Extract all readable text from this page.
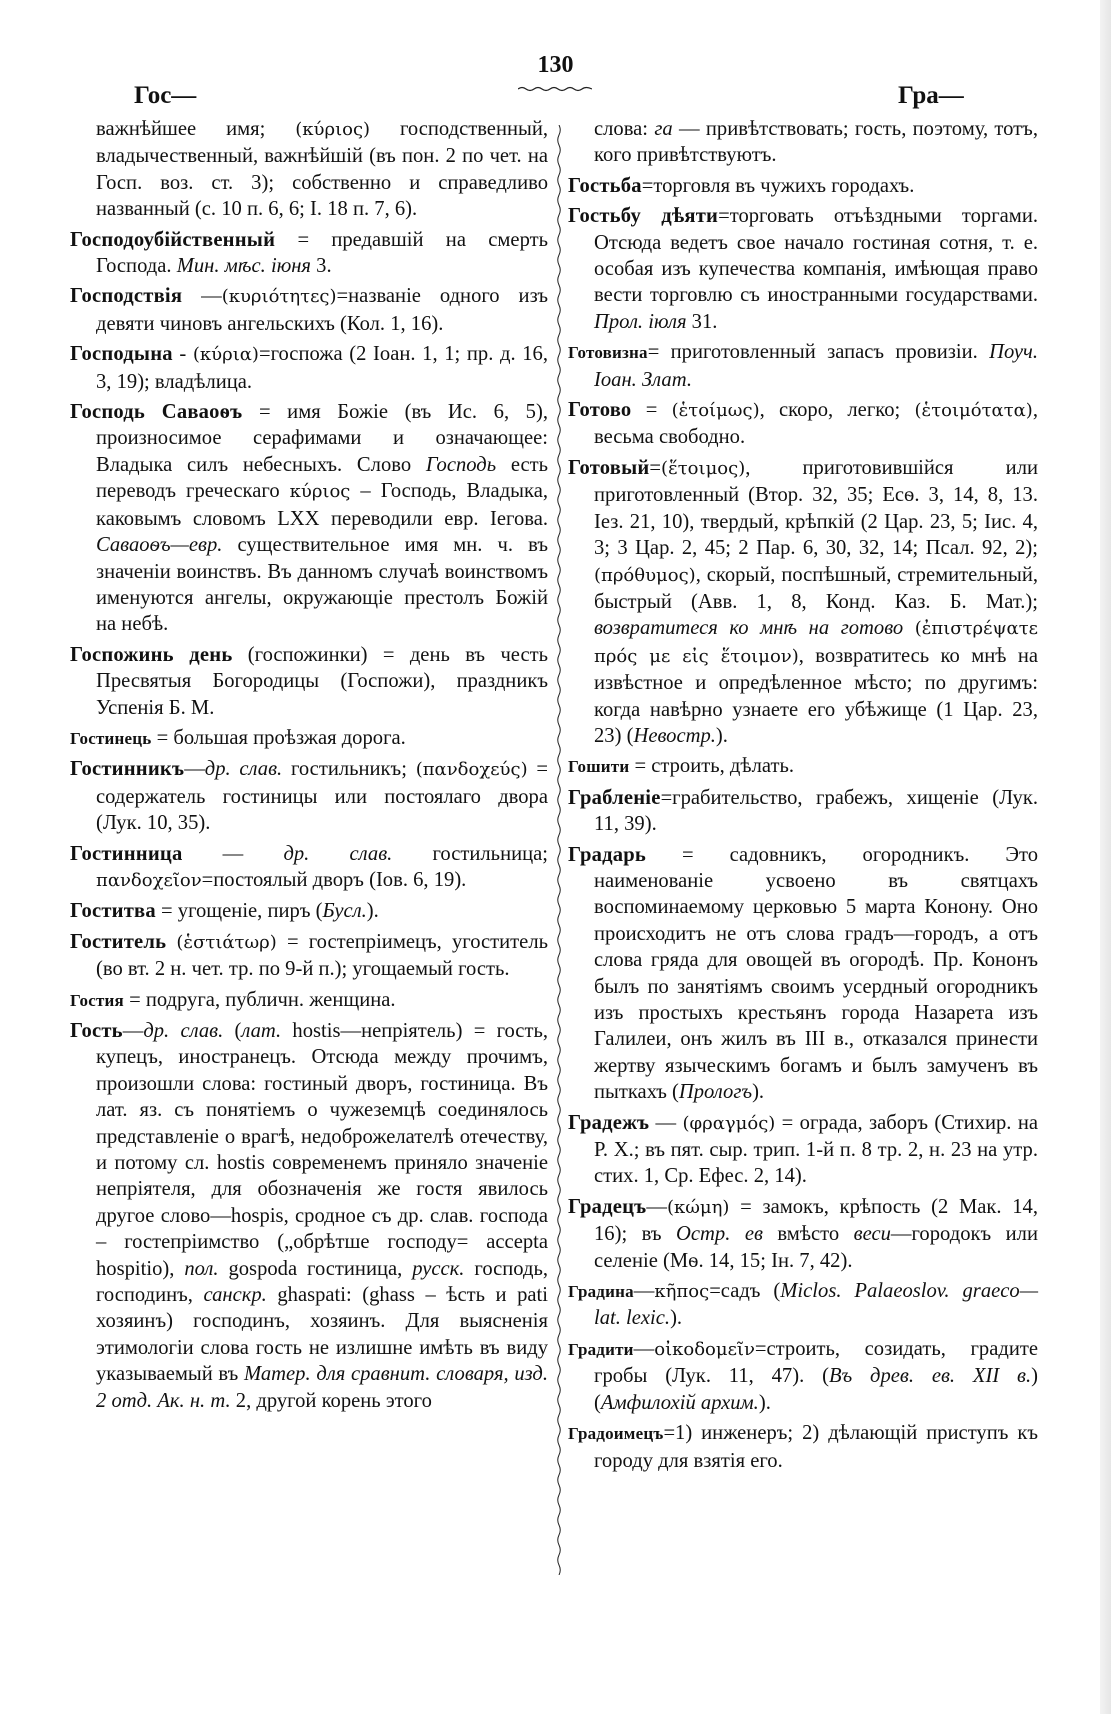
130
Гос—	Гра—

важнѣйшее имя; (κύριος) господственный, владычественный, важнѣйшій (въ пон. 2 по чет. на Госп. воз. ст. 3); собственно и справедливо названный (с. 10 п. 6, 6; I. 18 п. 7, 6).

Господоубійственный = предавшій на смерть Господа. Мин. мѣс. іюня 3.

Господствія —(κυριότητες)=названіе одного изъ девяти чиновъ ангельскихъ (Кол. 1, 16).

Господына - (κύρια)=госпожа (2 Іоан. 1, 1; пр. д. 16, 3, 19); владѣлица.

Господь Саваоѳъ = имя Божіе (въ Ис. 6, 5), произносимое серафимами и означающее: Владыка силъ небесныхъ. Слово Господь есть переводъ греческаго κύριος – Господь, Владыка, каковымъ словомъ LXX переводили евр. Іегова. Саваоѳъ—евр. существительное имя мн. ч. въ значеніи воинствъ. Въ данномъ случаѣ воинствомъ именуются ангелы, окружающіе престолъ Божій на небѣ.

Госпожинь день (госпожинки) = день въ честь Пресвятыя Богородицы (Госпожи), праздникъ Успенія Б. М.

Гостинець = большая проѣзжая дорога.

Гостинникъ—др. слав. гостильникъ; (πανδοχεύς) = содержатель гостиницы или постоялаго двора (Лук. 10, 35).

Гостинница — др. слав. гостильница; πανδοχεῖον=постоялый дворъ (Іов. 6, 19).

Гоститва = угощеніе, пиръ (Бусл.).

Гоститель (ἑστιάτωρ) = гостепріимецъ, угоститель (во вт. 2 н. чет. тр. по 9-й п.); угощаемый гость.

Гостия = подруга, публичн. женщина.

Гость—др. слав. (лат. hostis—непріятель) = гость, купецъ, иностранецъ. Отсюда между прочимъ, произошли слова: гостиный дворъ, гостиница. Въ лат. яз. съ понятіемъ о чужеземцѣ соединялось представленіе о врагѣ, недоброжелателѣ отечеству, и потому сл. hostis современемъ приняло значеніе непріятеля, для обозначенія же гостя явилось другое слово—hospis, сродное съ др. слав. господа – гостепріимство („обрѣтше господу= accepta hospitio), пол. gospoda гостиница, русск. господь, господинъ, санскр. ghaspati: (ghass – ѣсть и pati хозяинъ) господинъ, хозяинъ. Для выясненія этимологіи слова гость не излишне имѣть въ виду указываемый въ Матер. для сравнит. словаря, изд. 2 отд. Ак. н. т. 2, другой корень этого

слова: га — привѣтствовать; гость, поэтому, тотъ, кого привѣтствуютъ.

Гостьба=торговля въ чужихъ городахъ.

Гостьбу дѣяти=торговать отъѣздными торгами. Отсюда ведетъ свое начало гостиная сотня, т. е. особая изъ купечества компанія, имѣющая право вести торговлю съ иностранными государствами. Прол. іюля 31.

Готовизна= приготовленный запасъ провизіи. Поуч. Іоан. Злат.

Готово = (ἑτοίμως), скоро, легко; (ἑτοιμότατα), весьма свободно.

Готовый=(ἕτοιμος), приготовившійся или приготовленный (Втор. 32, 35; Есѳ. 3, 14, 8, 13. Іез. 21, 10), твердый, крѣпкій (2 Цар. 23, 5; Іис. 4, 3; 3 Цар. 2, 45; 2 Пар. 6, 30, 32, 14; Псал. 92, 2); (πρόθυμος), скорый, поспѣшный, стремительный, быстрый (Авв. 1, 8, Конд. Каз. Б. Мат.); возвратитеся ко мнѣ на готово (ἐπιστρέψατε πρός με εἰς ἕτοιμον), возвратитесь ко мнѣ на извѣстное и опредѣленное мѣсто; по другимъ: когда навѣрно узнаете его убѣжище (1 Цар. 23, 23) (Невостр.).

Гошити = строить, дѣлать.

Грабленіе=грабительство, грабежъ, хищеніе (Лук. 11, 39).

Градарь = садовникъ, огородникъ. Это наименованіе усвоено въ святцахъ воспоминаемому церковью 5 марта Конону. Оно происходитъ не отъ слова градъ—городъ, а отъ слова гряда для овощей въ огородѣ. Пр. Кононъ былъ по занятіямъ своимъ усердный огородникъ изъ простыхъ крестьянъ города Назарета изъ Галилеи, онъ жилъ въ III в., отказался принести жертву языческимъ богамъ и былъ замученъ въ пыткахъ (Прологъ).

Градежъ — (φραγμός) = ограда, заборъ (Стихир. на Р. Х.; въ пят. сыр. трип. 1-й п. 8 тр. 2, н. 23 на утр. стих. 1, Ср. Ефес. 2, 14).

Градецъ—(κώμη) = замокъ, крѣпость (2 Мак. 14, 16); въ Остр. ев вмѣсто веси—городокъ или селеніе (Мѳ. 14, 15; Ін. 7, 42).

Градина—κῆπος=садъ (Miclos. Palaeoslov. graeco—lat. lexic.).

Градити—οἰκοδομεῖν=строить, созидать, градите гробы (Лук. 11, 47). (Въ древ. ев. XII в.) (Амфилохій архим.).

Градоимецъ=1) инженеръ; 2) дѣлающій приступъ къ городу для взятія его.
